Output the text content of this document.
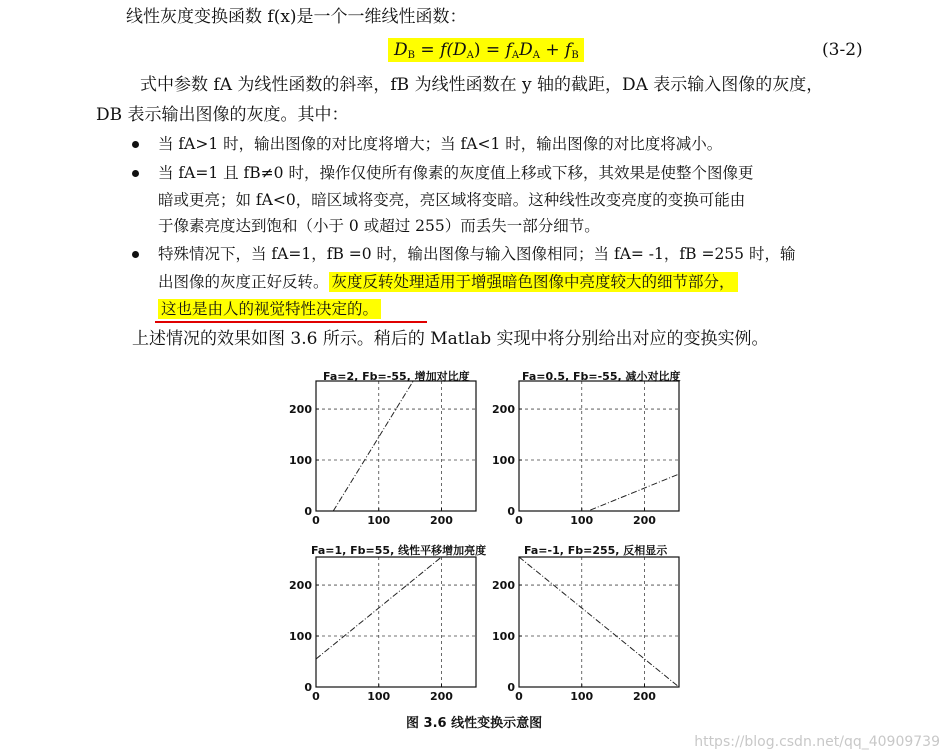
线性灰度变换函数 f(x)是一个一维线性函数：
$D_B = f(D_A) = f_AD_A + f_B$	(3-2)
式中参数 fA 为线性函数的斜率，fB 为线性函数在 y 轴的截距，DA 表示输入图像的灰度，
DB 表示输出图像的灰度。其中：
当 fA>1 时，输出图像的对比度将增大；当 fA<1 时，输出图像的对比度将减小。
当 fA=1 且 fB≠0 时，操作仅使所有像素的灰度值上移或下移，其效果是使整个图像更
暗或更亮；如 fA<0，暗区域将变亮，亮区域将变暗。这种线性改变亮度的变换可能由
于像素亮度达到饱和（小于 0 或超过 255）而丢失一部分细节。
特殊情况下，当 fA=1，fB =0 时，输出图像与输入图像相同；当 fA= -1，fB =255 时，输
出图像的灰度正好反转。 灰度反转处理适用于增强暗色图像中亮度较大的细节部分，
这也是由人的视觉特性决定的。
上述情况的效果如图 3.6 所示。稍后的 Matlab 实现中将分别给出对应的变换实例。
Fa=2, Fb=-55, 增加对比度	Fa=0.5, Fb=-55, 减小对比度
Fa=1, Fb=55, 线性平移增加亮度	Fa=-1, Fb=255, 反相显示
0
0
100
100
200
200
0
0
100
100
200
200
0
0
100
100
200
200
0
0
100
100
200
200
图 3.6 线性变换示意图
https://blog.csdn.net/qq_40909739
